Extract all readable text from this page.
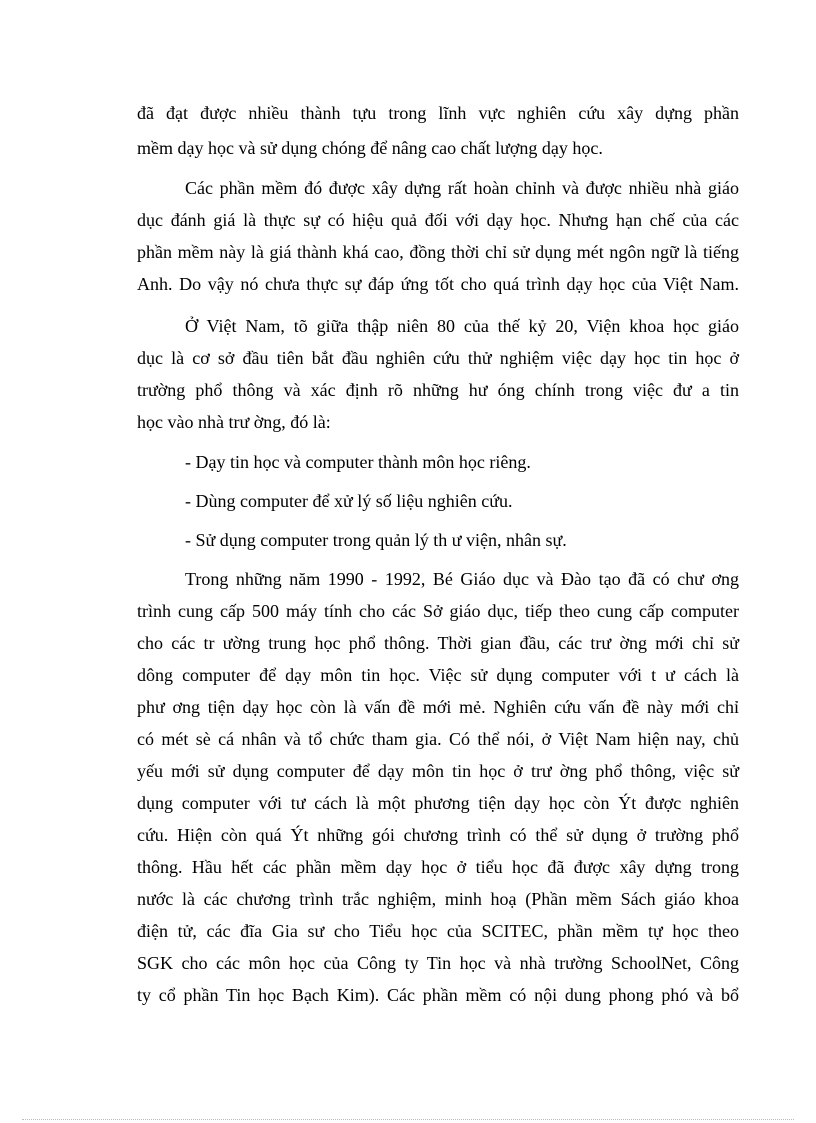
đã đạt được nhiều thành tựu trong lĩnh vực nghiên cứu xây dựng phần
mềm dạy học và sử dụng chóng để nâng cao chất lượng dạy học.
Các phần mềm đó được xây dựng rất hoàn chỉnh và được nhiều nhà giáo
dục đánh giá là thực sự có hiệu quả đối với dạy học. Nhưng hạn chế của các
phần mềm này là giá thành khá cao, đồng thời chỉ sử dụng mét ngôn ngữ là tiếng
Anh. Do vậy nó chưa thực sự đáp ứng tốt cho quá trình dạy học của Việt Nam.
Ở Việt Nam, tõ giữa thập niên 80 của thế kỷ 20, Viện khoa học giáo
dục là cơ sở đầu tiên bắt đầu nghiên cứu thử nghiệm việc dạy học tin học ở
trường phổ thông và xác định rõ những hư óng chính trong việc đư a tin
học vào nhà trư ờng, đó là:
- Dạy tin học và computer thành môn học riêng.
- Dùng computer để xử lý số liệu nghiên cứu.
- Sử dụng computer trong quản lý th ư viện, nhân sự.
Trong những năm 1990 - 1992, Bé Giáo dục và Đào tạo đã có chư ơng
trình cung cấp 500 máy tính cho các Sở giáo dục, tiếp theo cung cấp computer
cho các tr ường trung học phổ thông. Thời gian đầu, các trư ờng mới chỉ sử
dông computer để dạy môn tin học. Việc sử dụng computer với t ư cách là
phư ơng tiện dạy học còn là vấn đề mới mẻ. Nghiên cứu vấn đề này mới chỉ
có mét sè cá nhân và tổ chức tham gia. Có thể nói, ở Việt Nam hiện nay, chủ
yếu mới sử dụng computer để dạy môn tin học ở trư ờng phổ thông, việc sử
dụng computer với tư cách là một phương tiện dạy học còn Ýt được nghiên
cứu. Hiện còn quá Ýt những gói chương trình có thể sử dụng ở trường phổ
thông. Hầu hết các phần mềm dạy học ở tiểu học đã được xây dựng trong
nước là các chương trình trắc nghiệm, minh hoạ (Phần mềm Sách giáo khoa
điện tử, các đĩa Gia sư cho Tiểu học của SCITEC, phần mềm tự học theo
SGK cho các môn học của Công ty Tin học và nhà trường SchoolNet, Công
ty cổ phần Tin học Bạch Kim). Các phần mềm có nội dung phong phó và bổ
